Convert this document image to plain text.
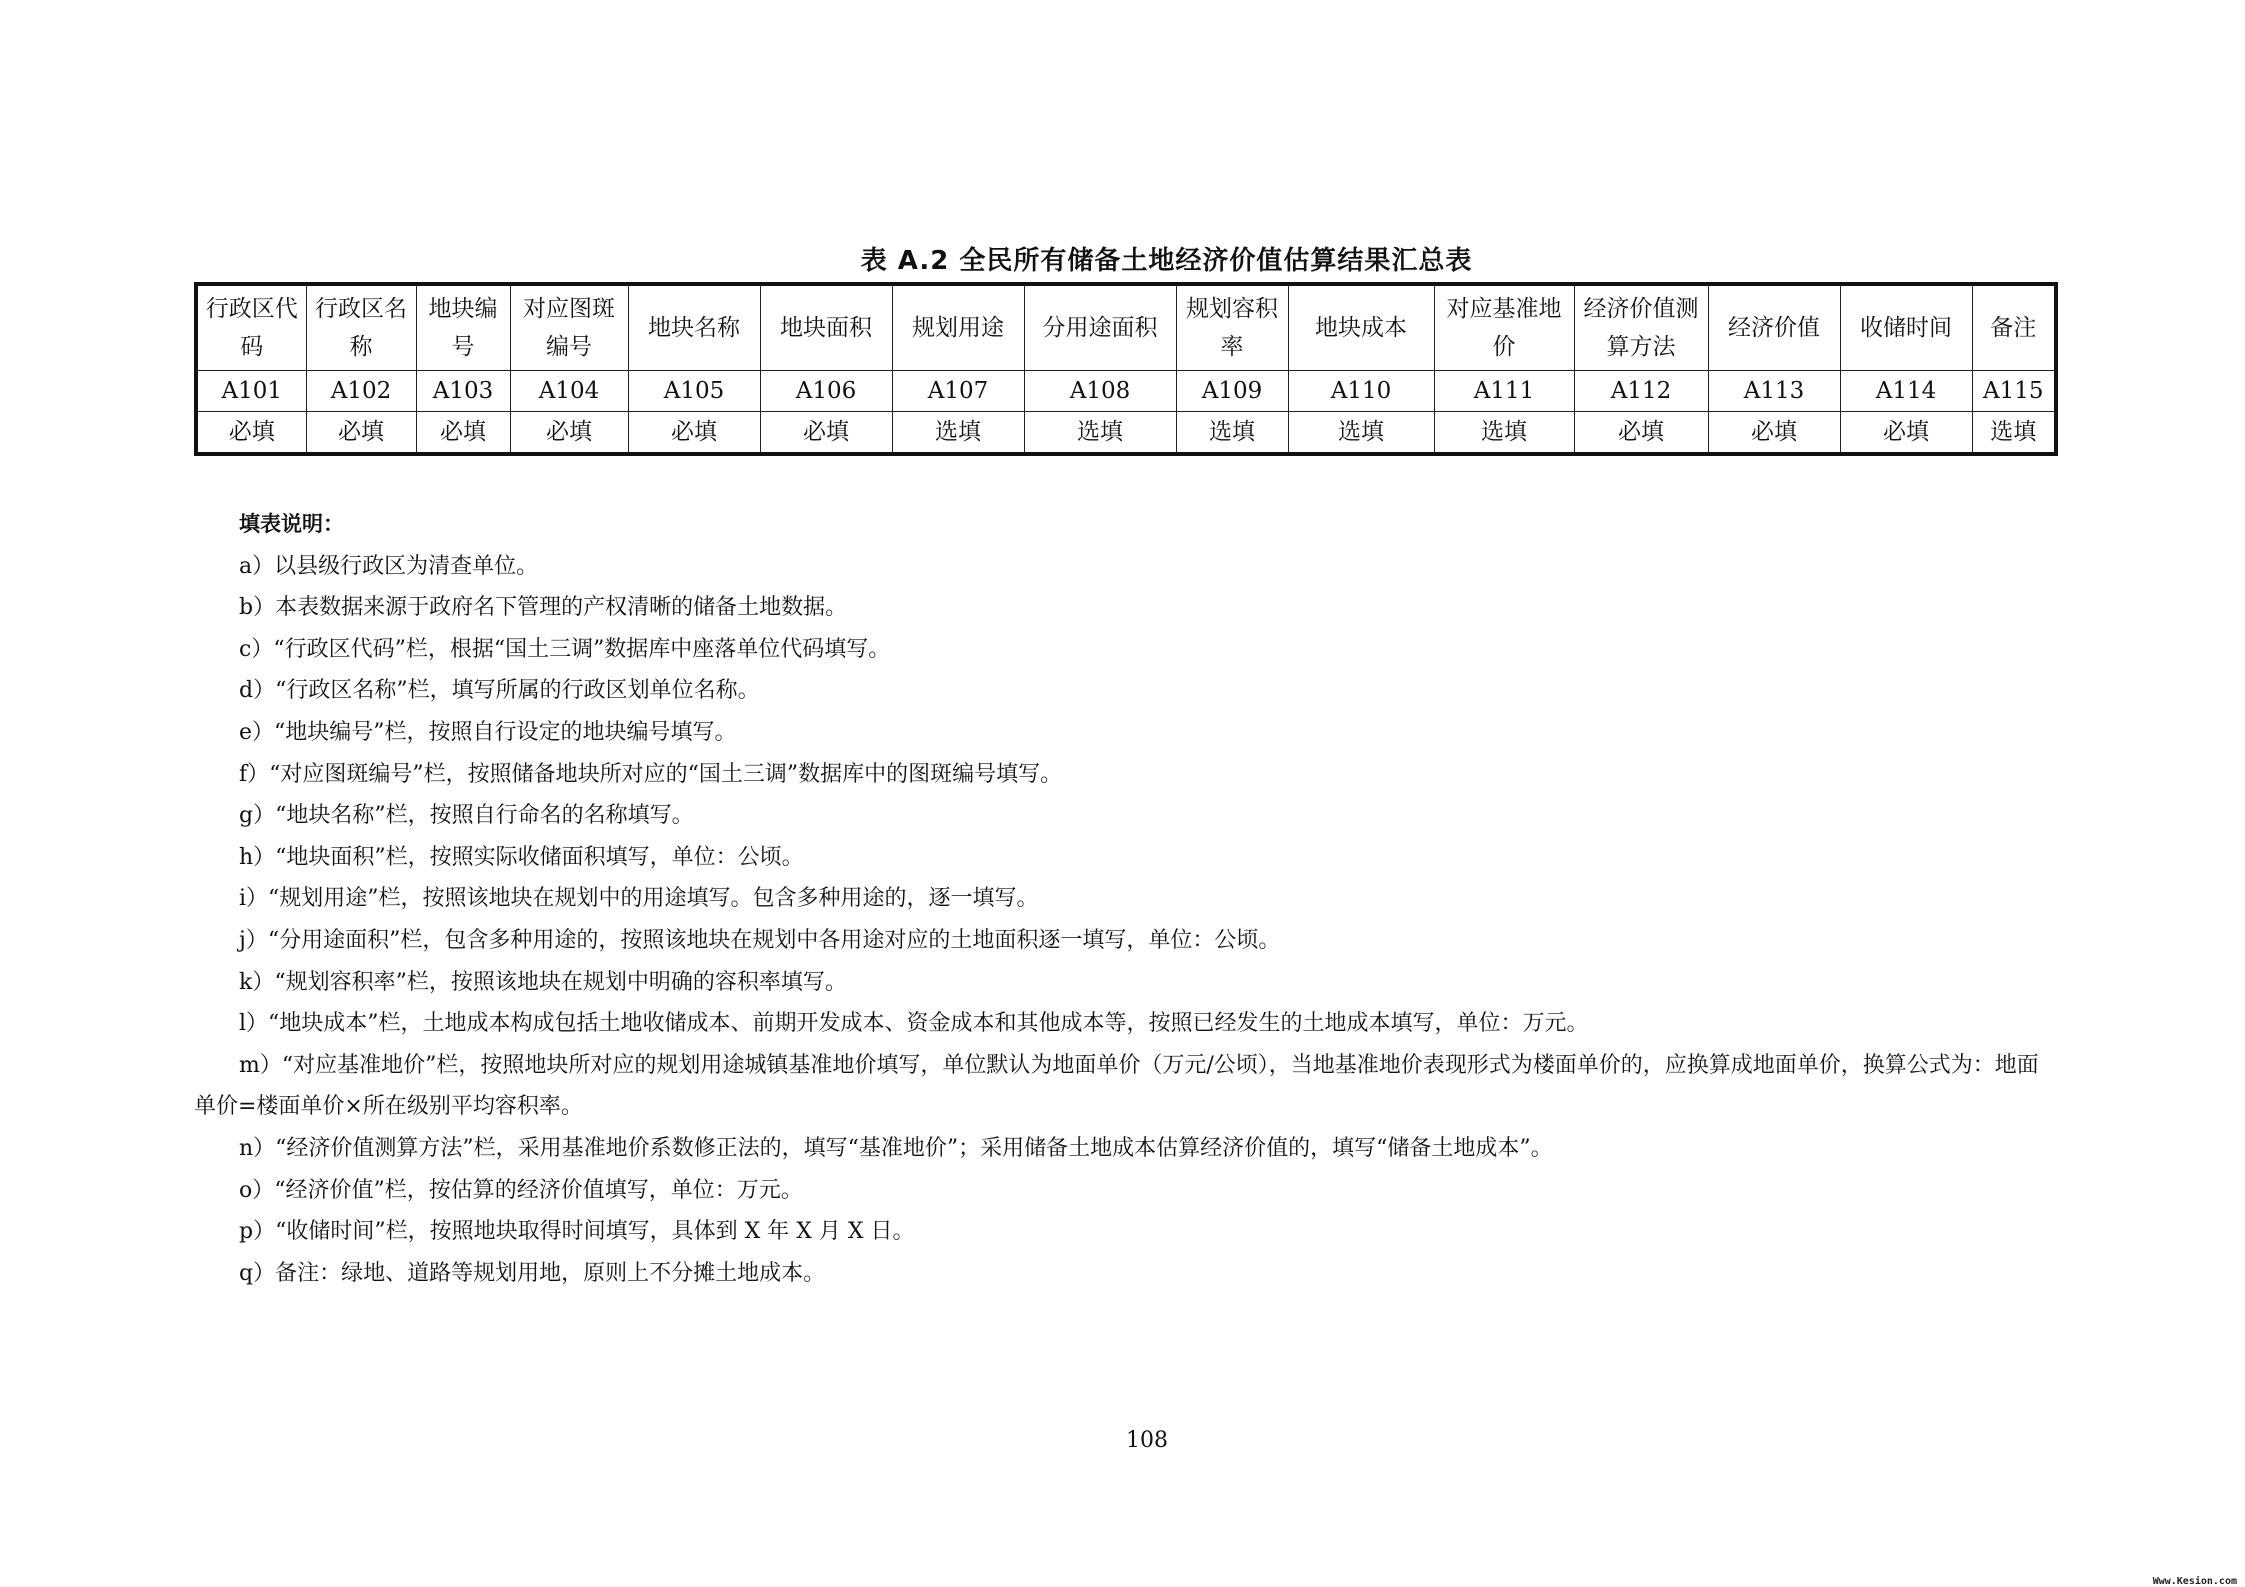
表 A.2 全民所有储备土地经济价值估算结果汇总表
行政区代码	行政区名称	地块编号	对应图斑编号	地块名称	地块面积	规划用途	分用途面积	规划容积率	地块成本	对应基准地价	经济价值测算方法	经济价值	收储时间	备注
A101	A102	A103	A104	A105	A106	A107	A108	A109	A110	A111	A112	A113	A114	A115
必填	必填	必填	必填	必填	必填	选填	选填	选填	选填	选填	必填	必填	必填	选填
填表说明：
a）以县级行政区为清查单位。
b）本表数据来源于政府名下管理的产权清晰的储备土地数据。
c）“行政区代码”栏，根据“国土三调”数据库中座落单位代码填写。
d）“行政区名称”栏，填写所属的行政区划单位名称。
e）“地块编号”栏，按照自行设定的地块编号填写。
f）“对应图斑编号”栏，按照储备地块所对应的“国土三调”数据库中的图斑编号填写。
g）“地块名称”栏，按照自行命名的名称填写。
h）“地块面积”栏，按照实际收储面积填写，单位：公顷。
i）“规划用途”栏，按照该地块在规划中的用途填写。包含多种用途的，逐一填写。
j）“分用途面积”栏，包含多种用途的，按照该地块在规划中各用途对应的土地面积逐一填写，单位：公顷。
k）“规划容积率”栏，按照该地块在规划中明确的容积率填写。
l）“地块成本”栏，土地成本构成包括土地收储成本、前期开发成本、资金成本和其他成本等，按照已经发生的土地成本填写，单位：万元。
m）“对应基准地价”栏，按照地块所对应的规划用途城镇基准地价填写，单位默认为地面单价（万元/公顷），当地基准地价表现形式为楼面单价的，应换算成地面单价，换算公式为：地面单价=楼面单价×所在级别平均容积率。
n）“经济价值测算方法”栏，采用基准地价系数修正法的，填写“基准地价”；采用储备土地成本估算经济价值的，填写“储备土地成本”。
o）“经济价值”栏，按估算的经济价值填写，单位：万元。
p）“收储时间”栏，按照地块取得时间填写，具体到 X 年 X 月 X 日。
q）备注：绿地、道路等规划用地，原则上不分摊土地成本。
108
Www.Kesion.com
